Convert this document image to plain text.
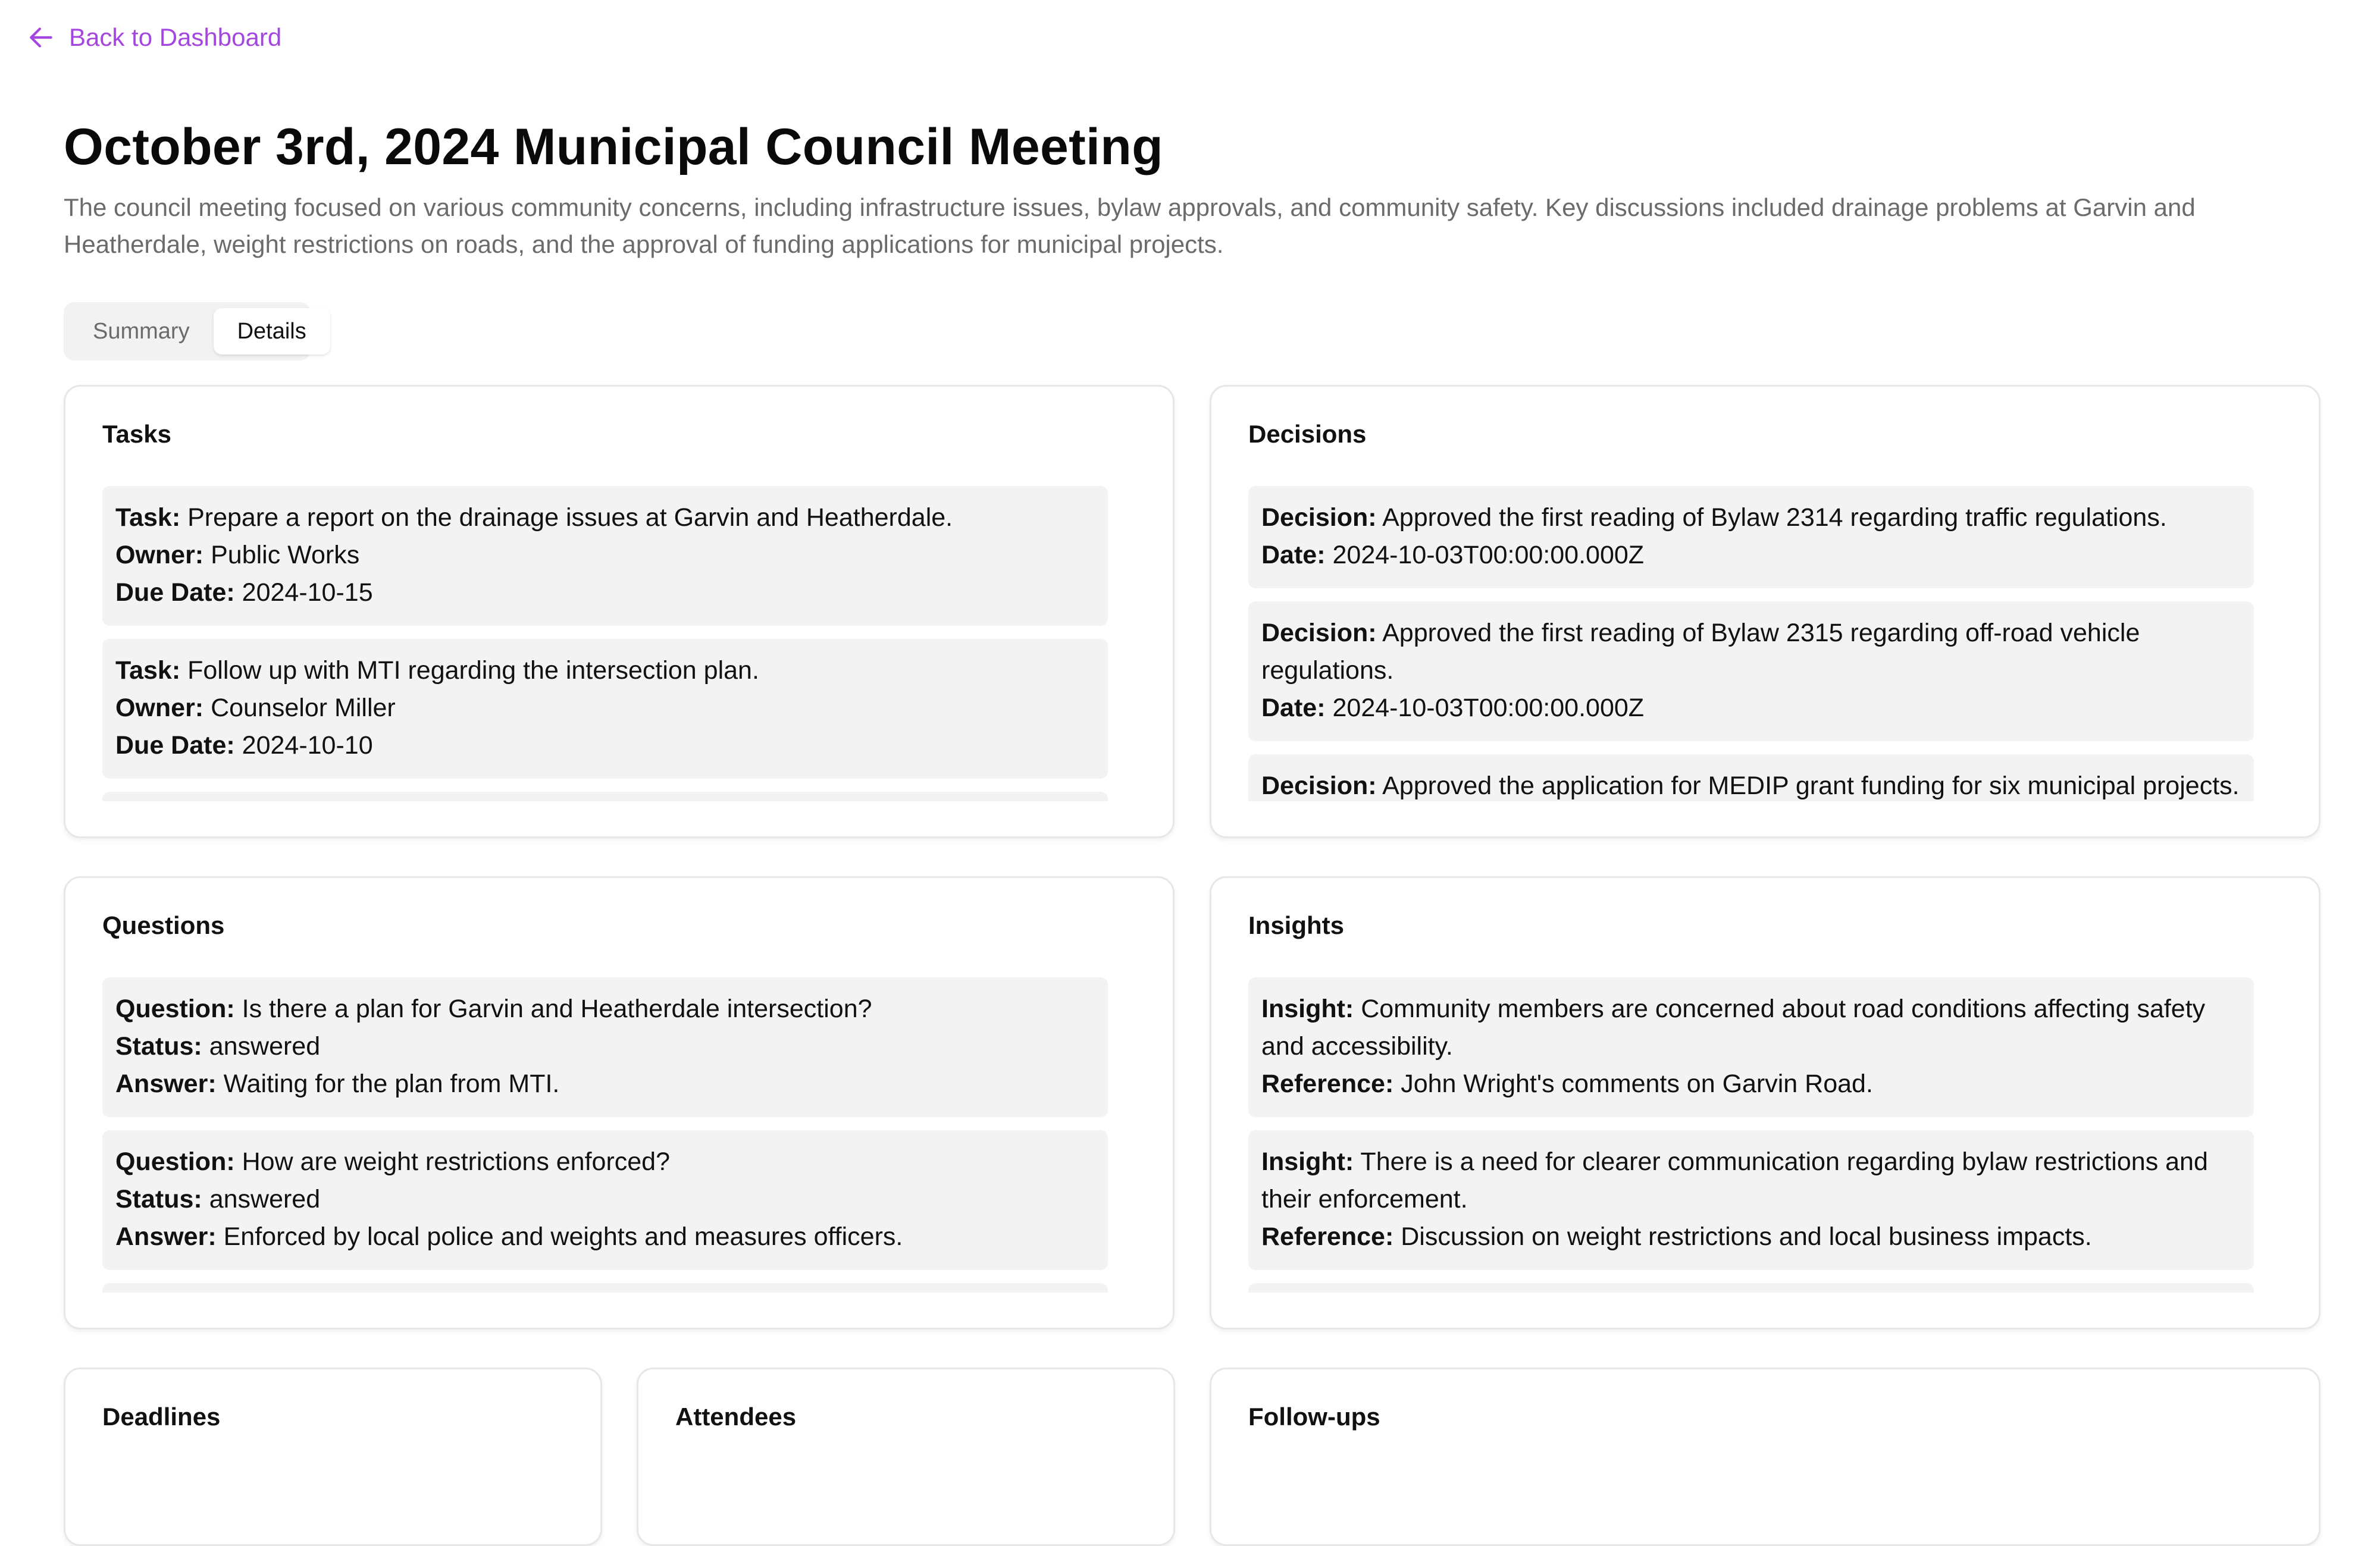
Back to Dashboard
October 3rd, 2024 Municipal Council Meeting

The council meeting focused on various community concerns, including infrastructure issues, bylaw approvals, and community safety. Key discussions included drainage problems at Garvin and Heatherdale, weight restrictions on roads, and the approval of funding applications for municipal projects.

Summary	Details
Tasks
Task: Prepare a report on the drainage issues at Garvin and Heatherdale.
Owner: Public Works
Due Date: 2024-10-15
Task: Follow up with MTI regarding the intersection plan.
Owner: Counselor Miller
Due Date: 2024-10-10
Decisions
Decision: Approved the first reading of Bylaw 2314 regarding traffic regulations.
Date: 2024-10-03T00:00:00.000Z
Decision: Approved the first reading of Bylaw 2315 regarding off-road vehicle regulations.
Date: 2024-10-03T00:00:00.000Z
Decision: Approved the application for MEDIP grant funding for six municipal projects.
Questions
Question: Is there a plan for Garvin and Heatherdale intersection?
Status: answered
Answer: Waiting for the plan from MTI.
Question: How are weight restrictions enforced?
Status: answered
Answer: Enforced by local police and weights and measures officers.
Insights
Insight: Community members are concerned about road conditions affecting safety and accessibility.
Reference: John Wright's comments on Garvin Road.
Insight: There is a need for clearer communication regarding bylaw restrictions and their enforcement.
Reference: Discussion on weight restrictions and local business impacts.
Deadlines	Attendees	Follow-ups
